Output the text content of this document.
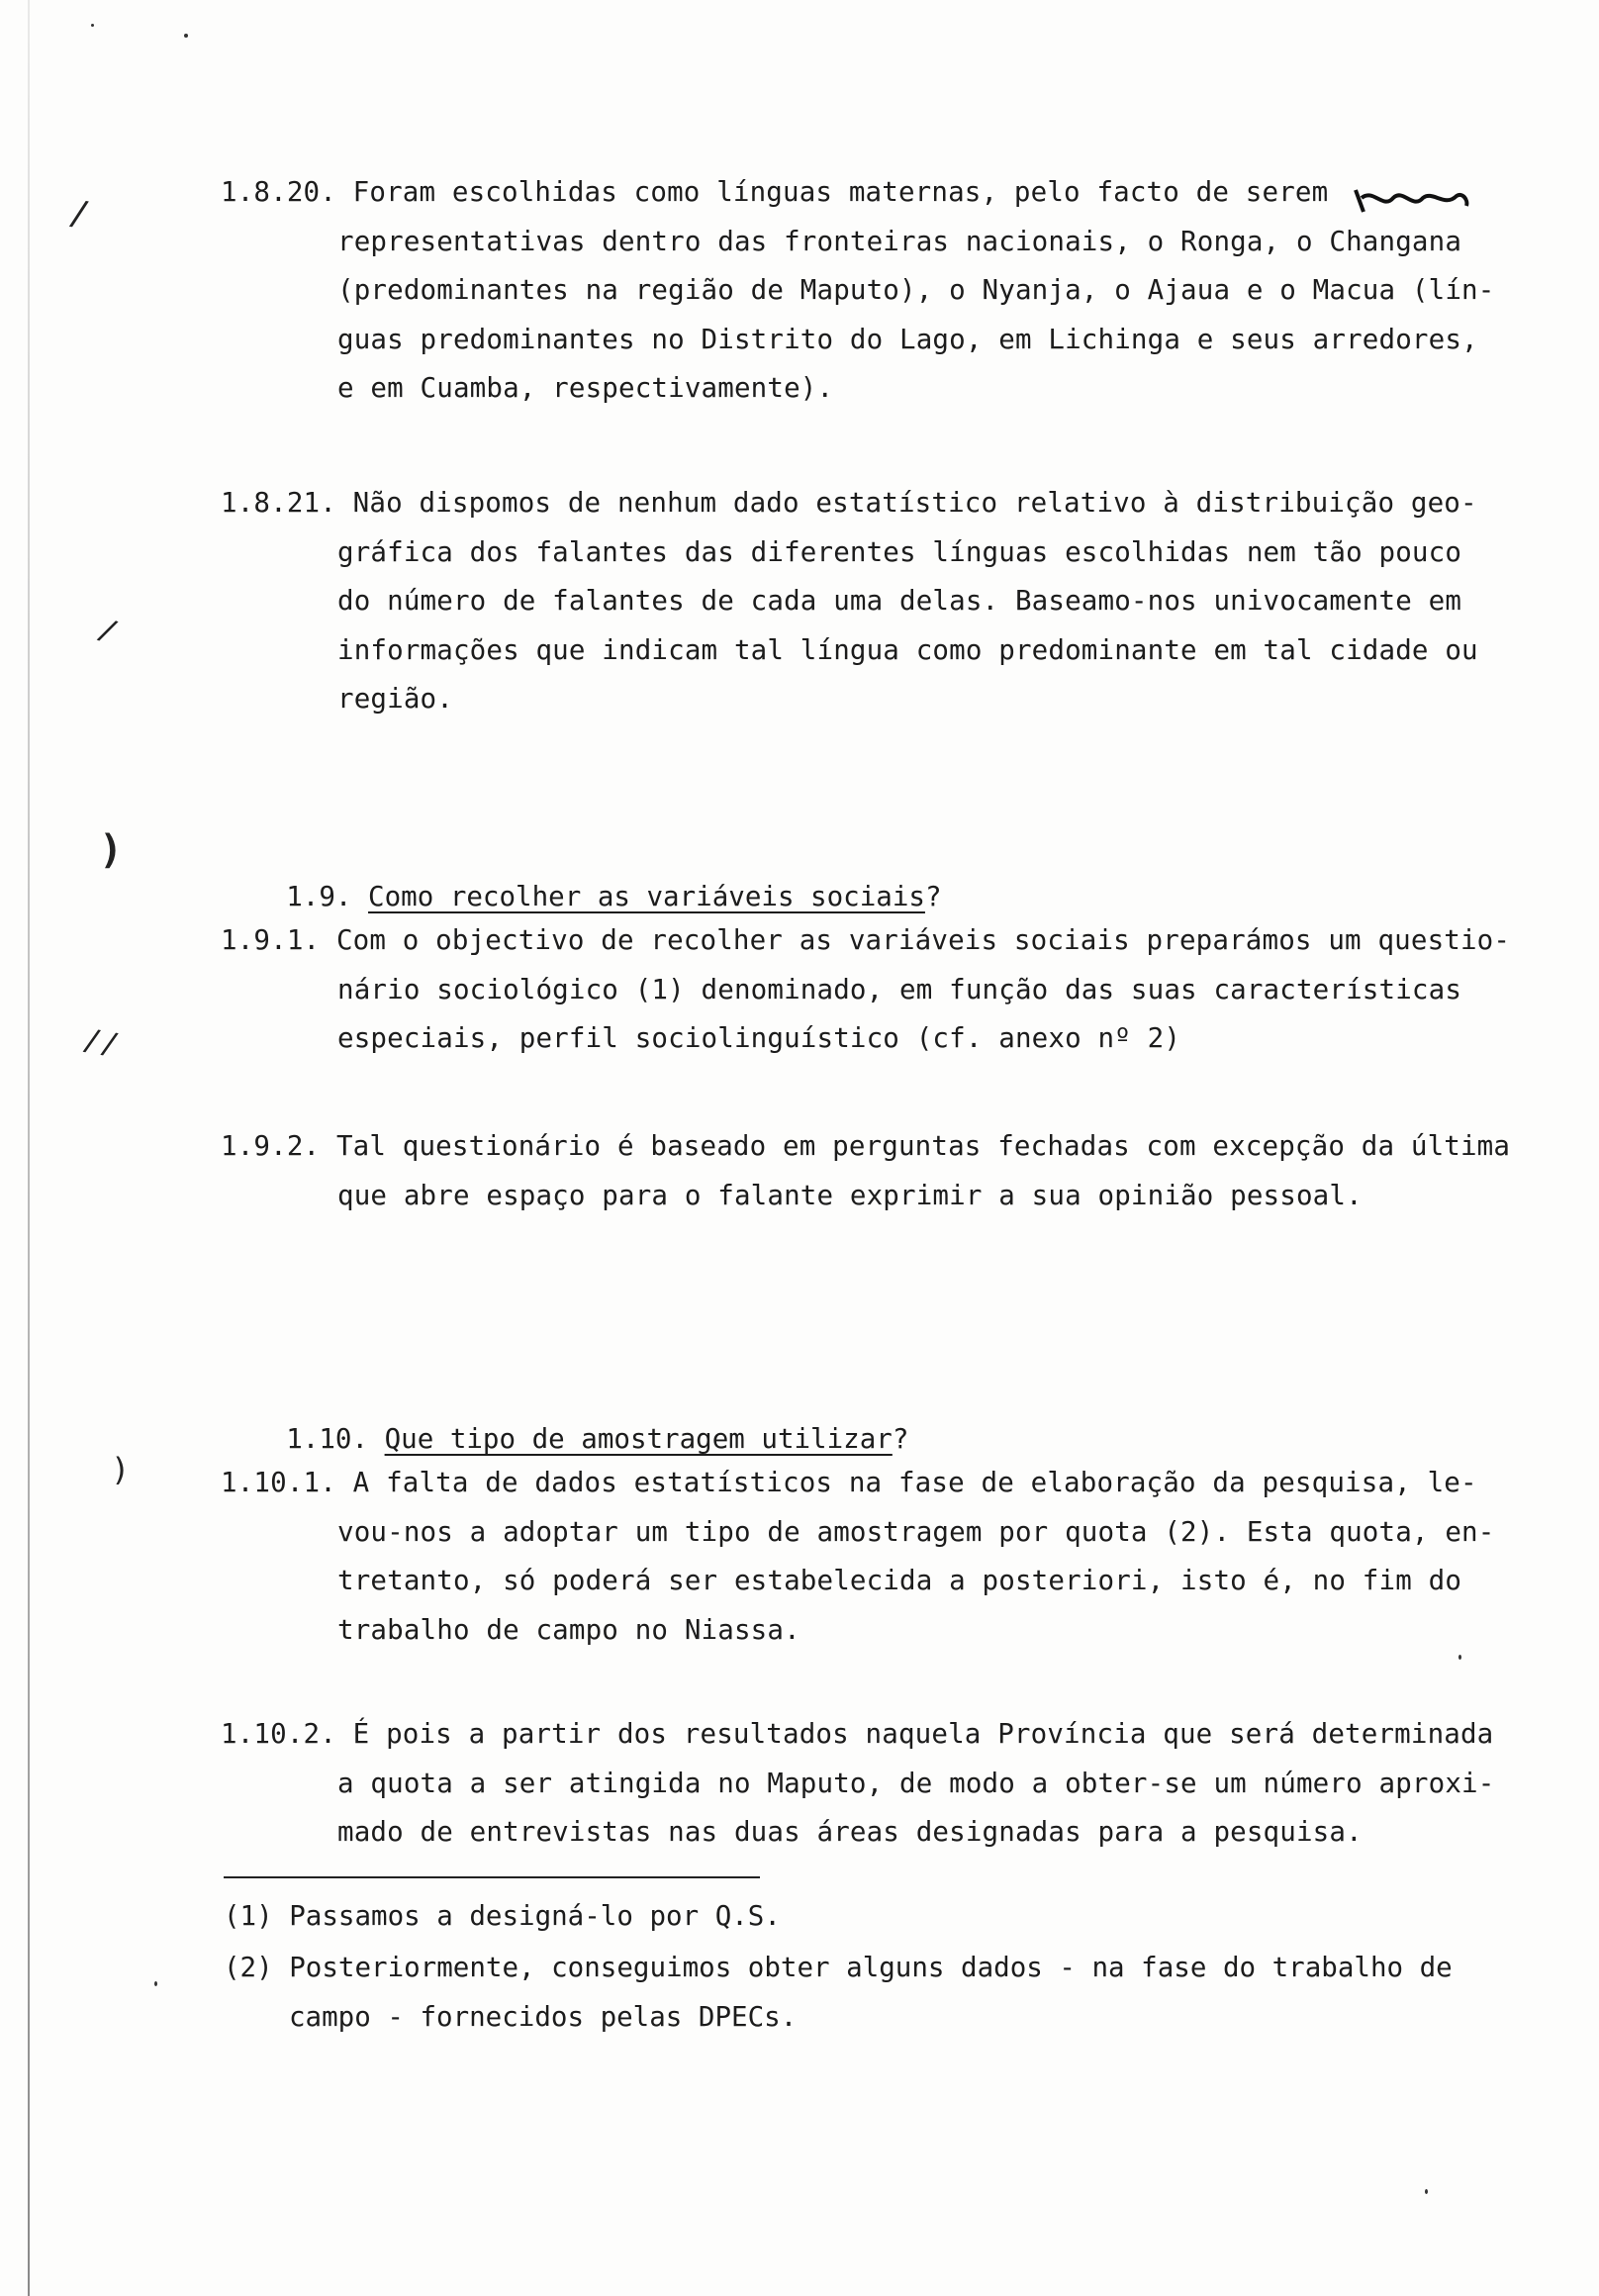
/
/
)
//
)
1.8.20. Foram escolhidas como línguas maternas, pelo facto de serem
representativas dentro das fronteiras nacionais, o Ronga, o Changana
(predominantes na região de Maputo), o Nyanja, o Ajaua e o Macua (lín-
guas predominantes no Distrito do Lago, em Lichinga e seus arredores,
e em Cuamba, respectivamente).
1.8.21. Não dispomos de nenhum dado estatístico relativo à distribuição geo-
gráfica dos falantes das diferentes línguas escolhidas nem tão pouco
do número de falantes de cada uma delas. Baseamo-nos univocamente em
informações que indicam tal língua como predominante em tal cidade ou
região.

1.9. Como recolher as variáveis sociais?

1.9.1. Com o objectivo de recolher as variáveis sociais preparámos um questio-
nário sociológico (1) denominado, em função das suas características
especiais, perfil sociolinguístico (cf. anexo nº 2)
1.9.2. Tal questionário é baseado em perguntas fechadas com excepção da última
que abre espaço para o falante exprimir a sua opinião pessoal.

1.10. Que tipo de amostragem utilizar?

1.10.1. A falta de dados estatísticos na fase de elaboração da pesquisa, le-
vou-nos a adoptar um tipo de amostragem por quota (2). Esta quota, en-
tretanto, só poderá ser estabelecida a posteriori, isto é, no fim do
trabalho de campo no Niassa.
1.10.2. É pois a partir dos resultados naquela Província que será determinada
a quota a ser atingida no Maputo, de modo a obter-se um número aproxi-
mado de entrevistas nas duas áreas designadas para a pesquisa.
(1) Passamos a designá-lo por Q.S.
(2) Posteriormente, conseguimos obter alguns dados - na fase do trabalho de
campo - fornecidos pelas DPECs.
